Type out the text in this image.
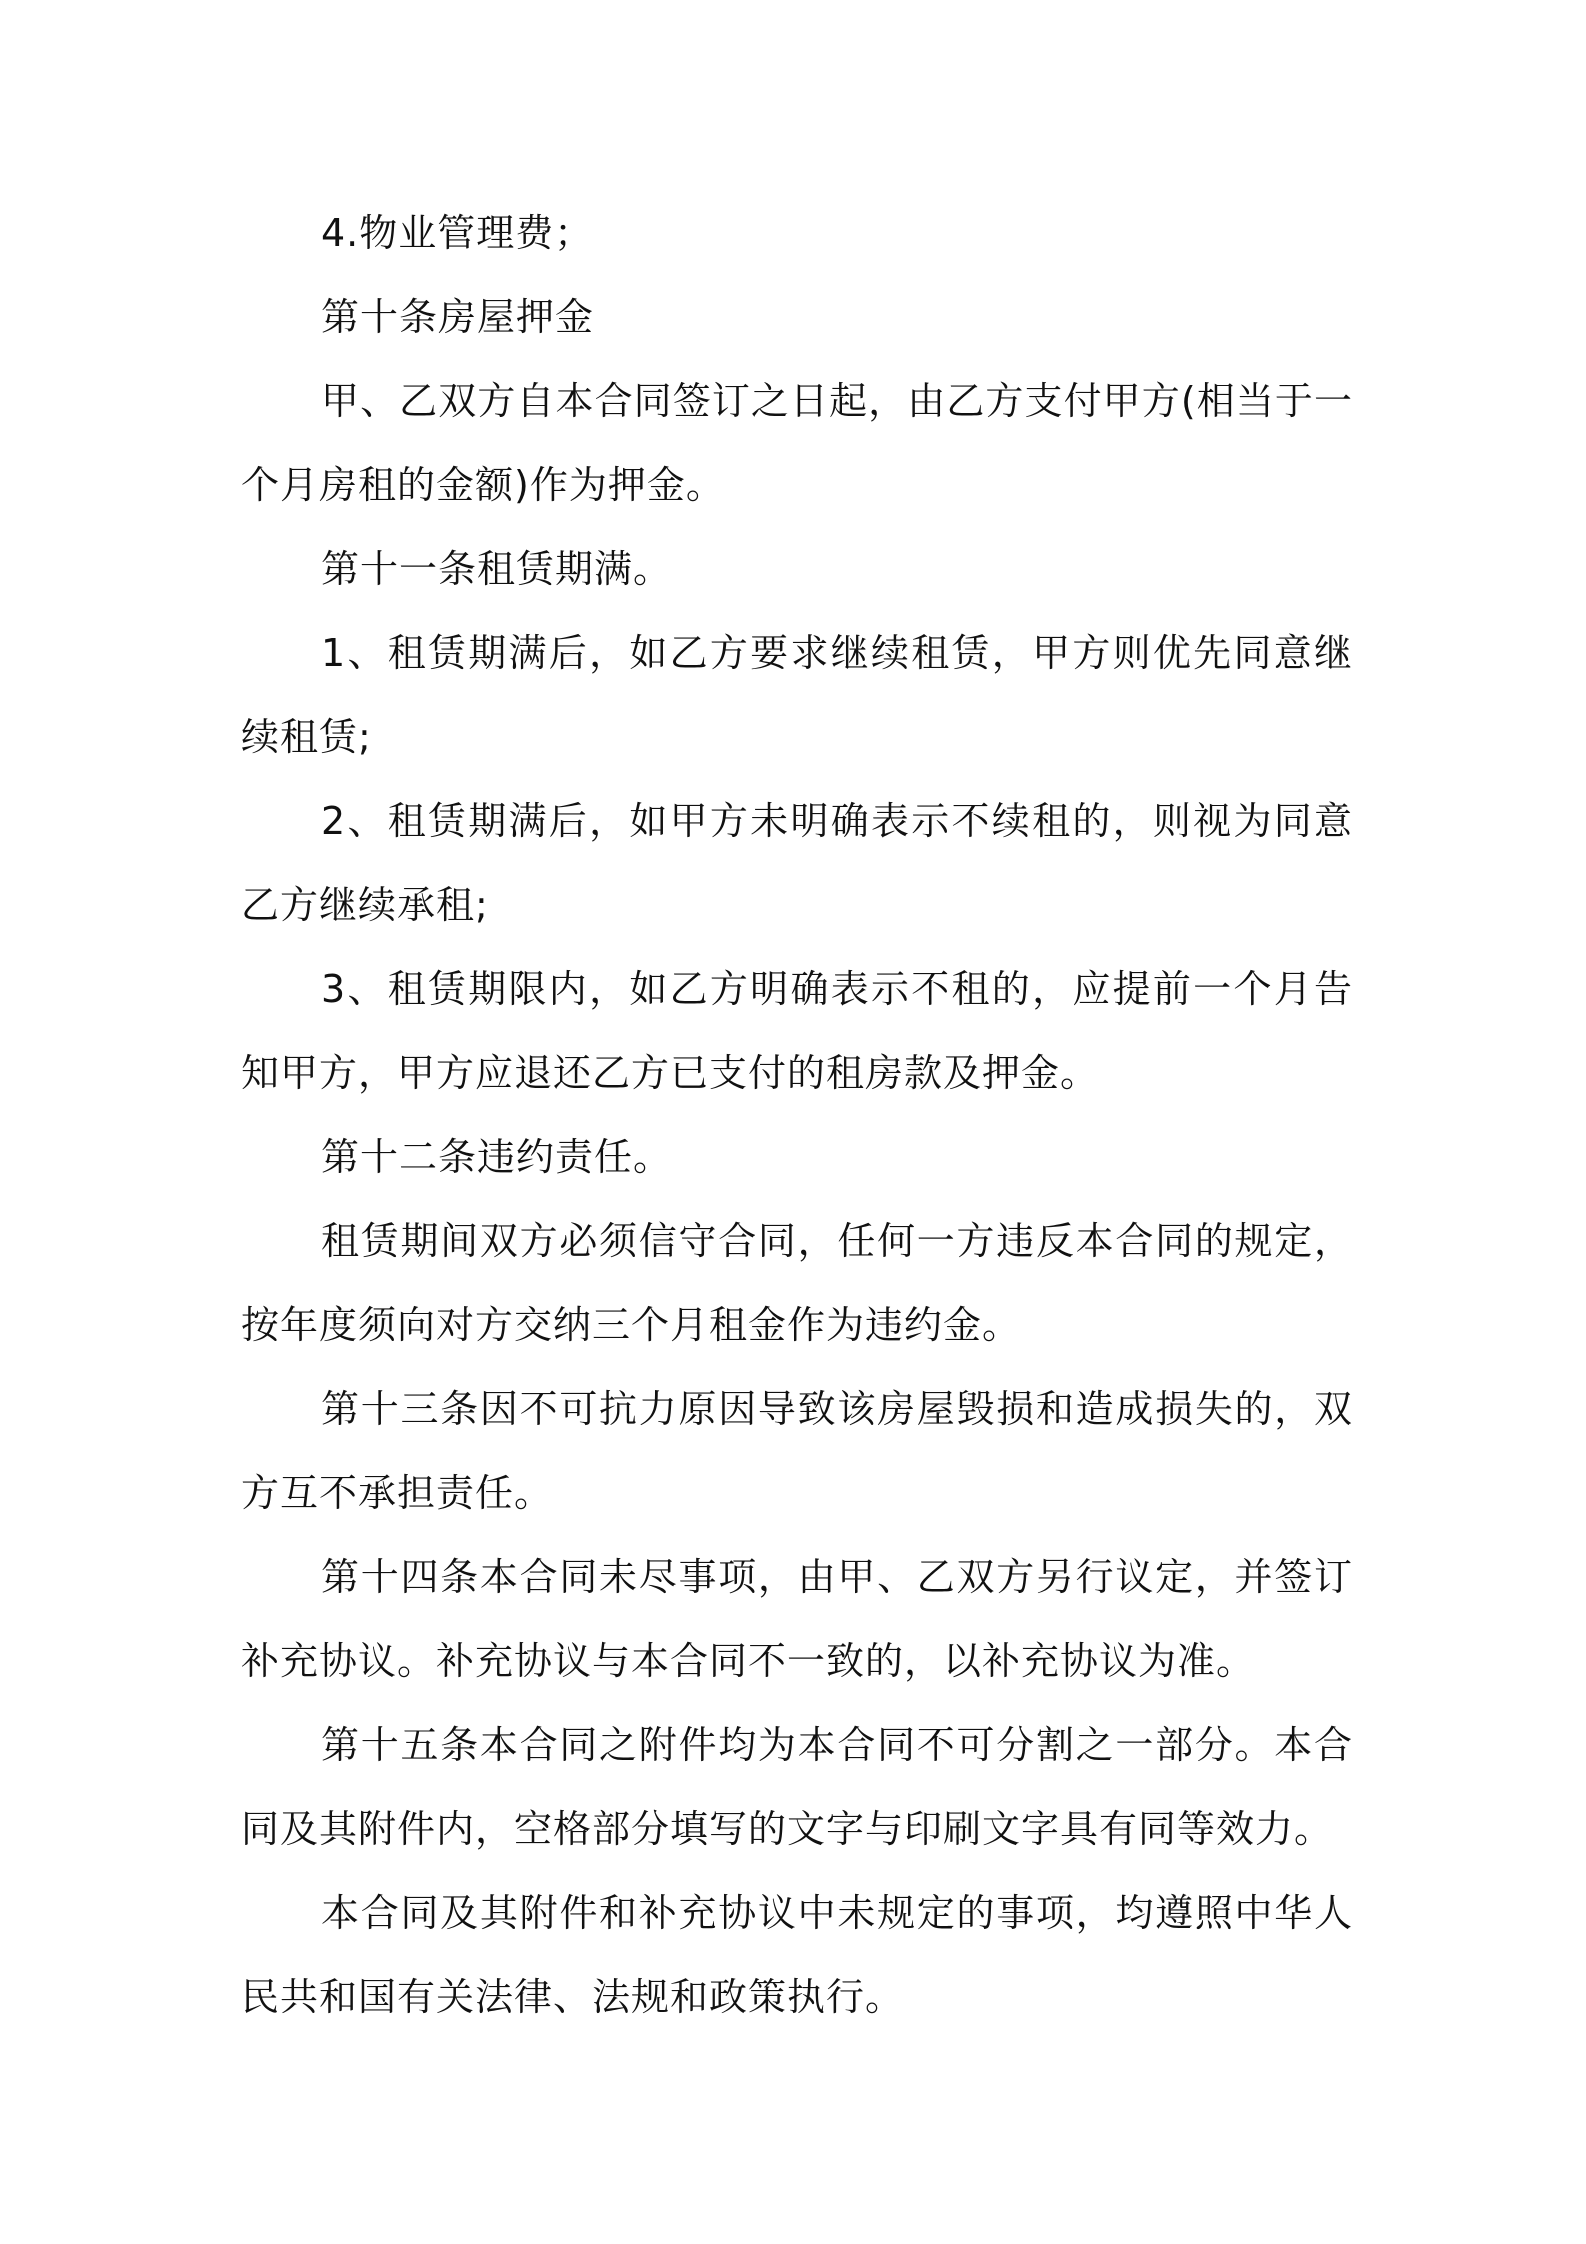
4.物业管理费；

第十条房屋押金

甲、乙双方自本合同签订之日起，由乙方支付甲方(相当于一个月房租的金额)作为押金。

第十一条租赁期满。

1、租赁期满后，如乙方要求继续租赁，甲方则优先同意继续租赁;

2、租赁期满后，如甲方未明确表示不续租的，则视为同意乙方继续承租;

3、租赁期限内，如乙方明确表示不租的，应提前一个月告知甲方，甲方应退还乙方已支付的租房款及押金。

第十二条违约责任。

租赁期间双方必须信守合同，任何一方违反本合同的规定，按年度须向对方交纳三个月租金作为违约金。

第十三条因不可抗力原因导致该房屋毁损和造成损失的，双方互不承担责任。

第十四条本合同未尽事项，由甲、乙双方另行议定，并签订补充协议。补充协议与本合同不一致的，以补充协议为准。

第十五条本合同之附件均为本合同不可分割之一部分。本合同及其附件内，空格部分填写的文字与印刷文字具有同等效力。

本合同及其附件和补充协议中未规定的事项，均遵照中华人民共和国有关法律、法规和政策执行。
